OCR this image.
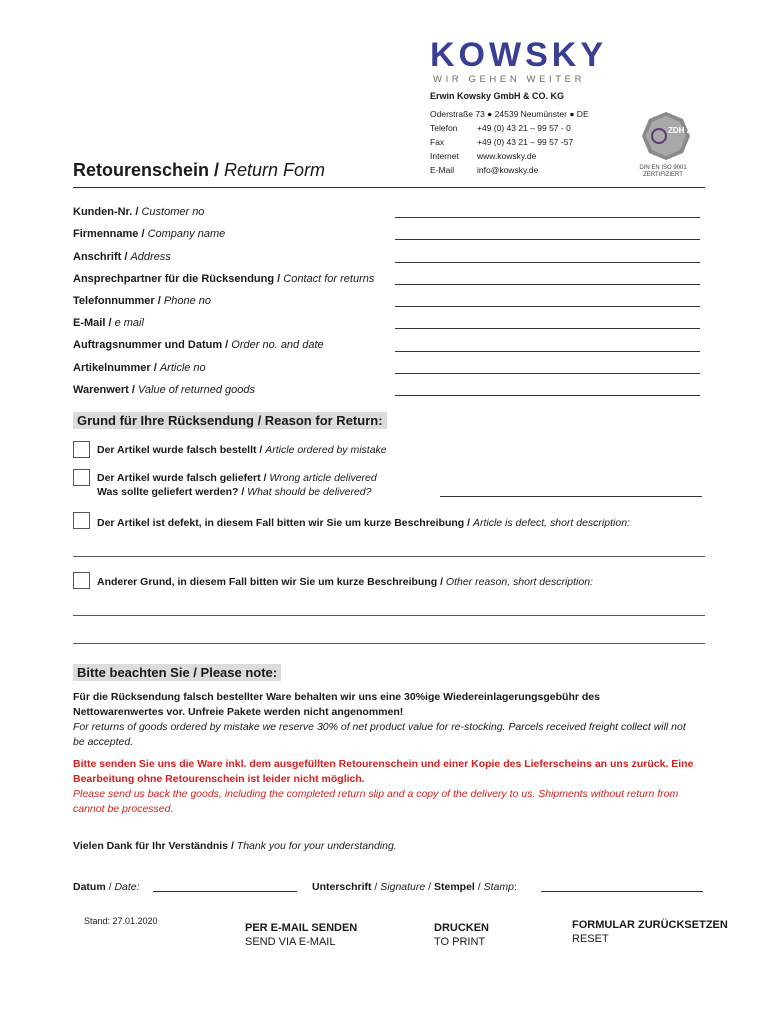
KOWSKY
WIR GEHEN WEITER
Erwin Kowsky GmbH & CO. KG
Oderstraße 73 ● 24539 Neumünster ● DE
Telefon +49 (0) 43 21 – 99 57 - 0
Fax	+49 (0) 43 21 – 99 57 -57
Internet www.kowsky.de
E-Mail	info@kowsky.de
ZDH ZERT
DIN EN ISO 9001 ZERTIFIZIERT
Retourenschein / Return Form
Kunden-Nr. / Customer no
Firmenname / Company name
Anschrift / Address
Ansprechpartner für die Rücksendung / Contact for returns
Telefonnummer / Phone no
E-Mail / e mail
Auftragsnummer und Datum / Order no. and date
Artikelnummer / Article no
Warenwert / Value of returned goods
Grund für Ihre Rücksendung / Reason for Return:
Der Artikel wurde falsch bestellt / Article ordered by mistake
Der Artikel wurde falsch geliefert / Wrong article delivered
Was sollte geliefert werden? / What should be delivered?
Der Artikel ist defekt, in diesem Fall bitten wir Sie um kurze Beschreibung / Article is defect, short description:
Anderer Grund, in diesem Fall bitten wir Sie um kurze Beschreibung / Other reason, short description:
Bitte beachten Sie / Please note:
Für die Rücksendung falsch bestellter Ware behalten wir uns eine 30%ige Wiedereinlagerungsgebühr des Nettowarenwertes vor. Unfreie Pakete werden nicht angenommen!
For returns of goods ordered by mistake we reserve 30% of net product value for re-stocking. Parcels received freight collect will not be accepted.
Bitte senden Sie uns die Ware inkl. dem ausgefüllten Retourenschein und einer Kopie des Lieferscheins an uns zurück. Eine Bearbeitung ohne Retourenschein ist leider nicht möglich.
Please send us back the goods, including the completed return slip and a copy of the delivery to us. Shipments without return from cannot be processed.
Vielen Dank für Ihr Verständnis / Thank you for your understanding.
Datum / Date:	Unterschrift / Signature / Stempel / Stamp:
Stand: 27.01.2020
PER E-MAIL SENDEN
SEND VIA E-MAIL
DRUCKEN
TO PRINT
FORMULAR ZURÜCKSETZEN
RESET
